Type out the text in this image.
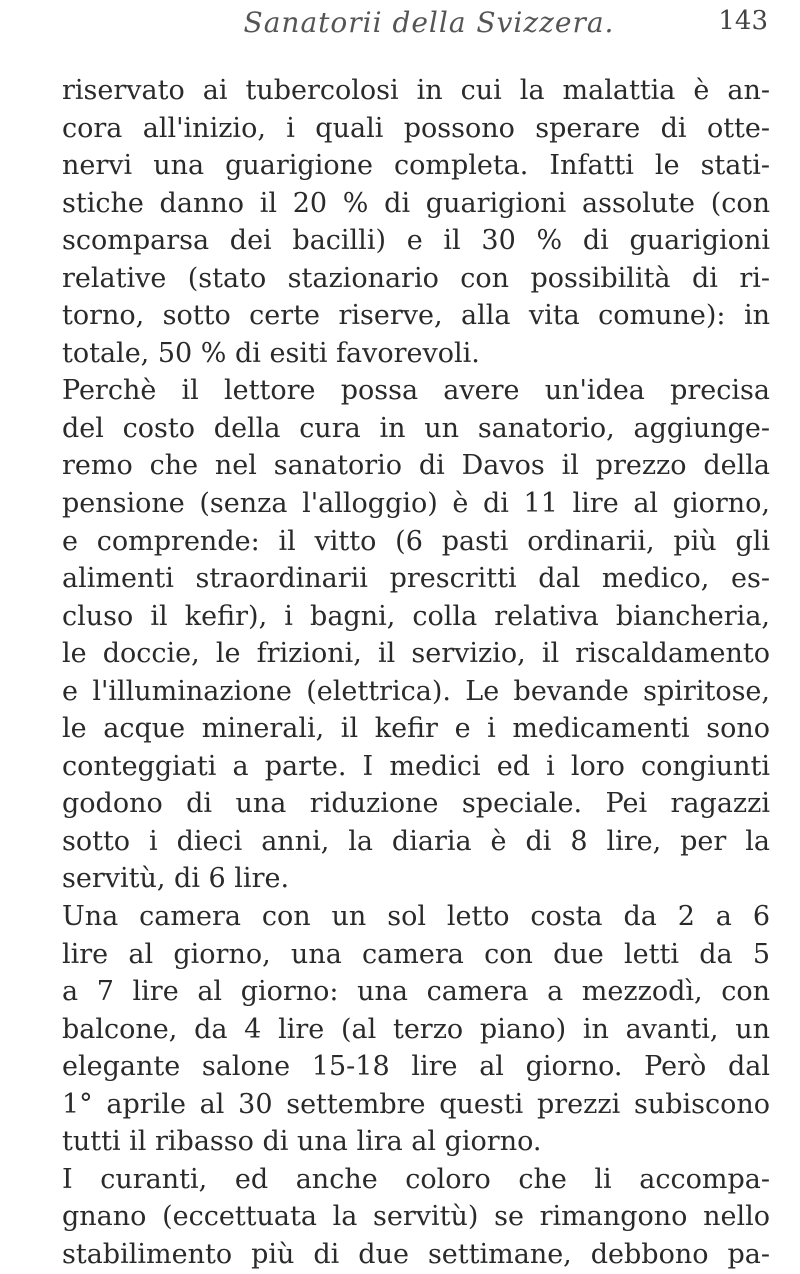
Sanatorii della Svizzera.	143
riservato ai tubercolosi in cui la malattia è an-
cora all'inizio, i quali possono sperare di otte-
nervi una guarigione completa. Infatti le stati-
stiche danno il 20 % di guarigioni assolute (con
scomparsa dei bacilli) e il 30 % di guarigioni
relative (stato stazionario con possibilità di ri-
torno, sotto certe riserve, alla vita comune): in
totale, 50 % di esiti favorevoli.
Perchè il lettore possa avere un'idea precisa
del costo della cura in un sanatorio, aggiunge-
remo che nel sanatorio di Davos il prezzo della
pensione (senza l'alloggio) è di 11 lire al giorno,
e comprende: il vitto (6 pasti ordinarii, più gli
alimenti straordinarii prescritti dal medico, es-
cluso il kefir), i bagni, colla relativa biancheria,
le doccie, le frizioni, il servizio, il riscaldamento
e l'illuminazione (elettrica). Le bevande spiritose,
le acque minerali, il kefir e i medicamenti sono
conteggiati a parte. I medici ed i loro congiunti
godono di una riduzione speciale. Pei ragazzi
sotto i dieci anni, la diaria è di 8 lire, per la
servitù, di 6 lire.
Una camera con un sol letto costa da 2 a 6
lire al giorno, una camera con due letti da 5
a 7 lire al giorno: una camera a mezzodì, con
balcone, da 4 lire (al terzo piano) in avanti, un
elegante salone 15-18 lire al giorno. Però dal
1° aprile al 30 settembre questi prezzi subiscono
tutti il ribasso di una lira al giorno.
I curanti, ed anche coloro che li accompa-
gnano (eccettuata la servitù) se rimangono nello
stabilimento più di due settimane, debbono pa-
